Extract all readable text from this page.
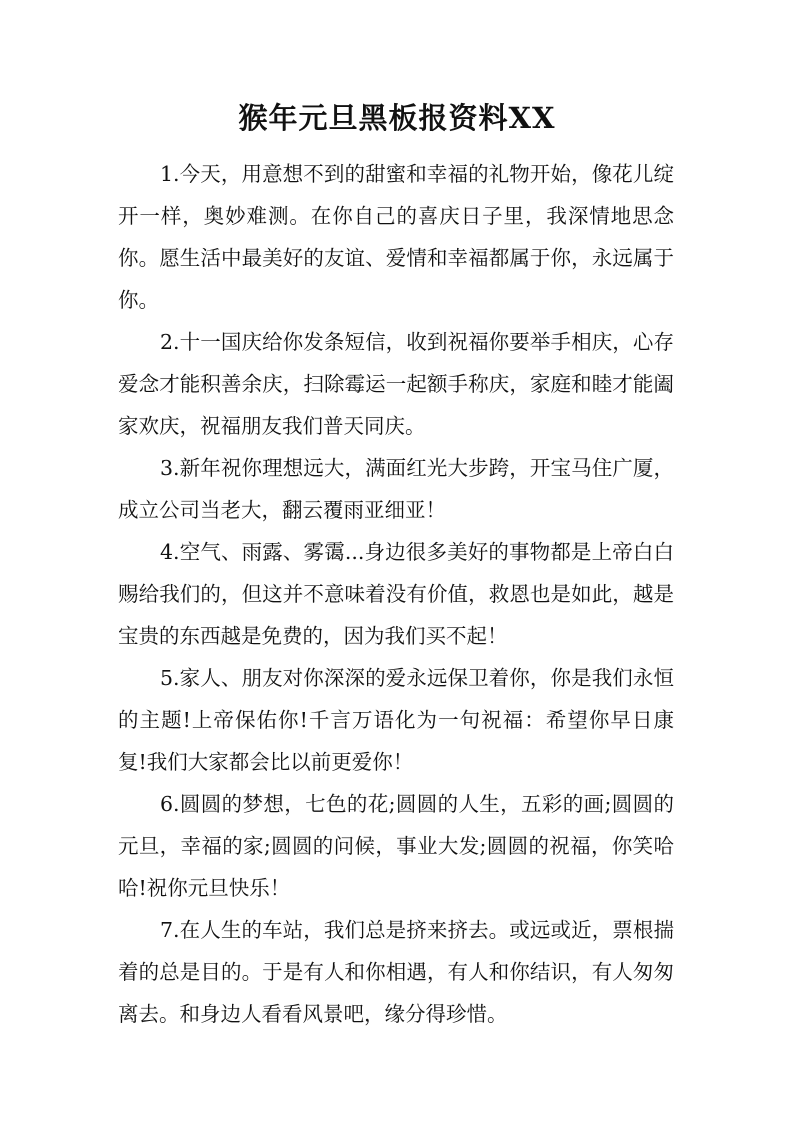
猴年元旦黑板报资料XX

1.今天，用意想不到的甜蜜和幸福的礼物开始，像花儿绽开一样，奥妙难测。在你自己的喜庆日子里，我深情地思念你。愿生活中最美好的友谊、爱情和幸福都属于你，永远属于你。

2.十一国庆给你发条短信，收到祝福你要举手相庆，心存爱念才能积善余庆，扫除霉运一起额手称庆，家庭和睦才能阖家欢庆，祝福朋友我们普天同庆。

3.新年祝你理想远大，满面红光大步跨，开宝马住广厦，成立公司当老大，翻云覆雨亚细亚！

4.空气、雨露、雾霭...身边很多美好的事物都是上帝白白赐给我们的，但这并不意味着没有价值，救恩也是如此，越是宝贵的东西越是免费的，因为我们买不起！

5.家人、朋友对你深深的爱永远保卫着你，你是我们永恒的主题!上帝保佑你!千言万语化为一句祝福：希望你早日康复!我们大家都会比以前更爱你！

6.圆圆的梦想，七色的花;圆圆的人生，五彩的画;圆圆的元旦，幸福的家;圆圆的问候，事业大发;圆圆的祝福，你笑哈哈!祝你元旦快乐！

7.在人生的车站，我们总是挤来挤去。或远或近，票根揣着的总是目的。于是有人和你相遇，有人和你结识，有人匆匆离去。和身边人看看风景吧，缘分得珍惜。
